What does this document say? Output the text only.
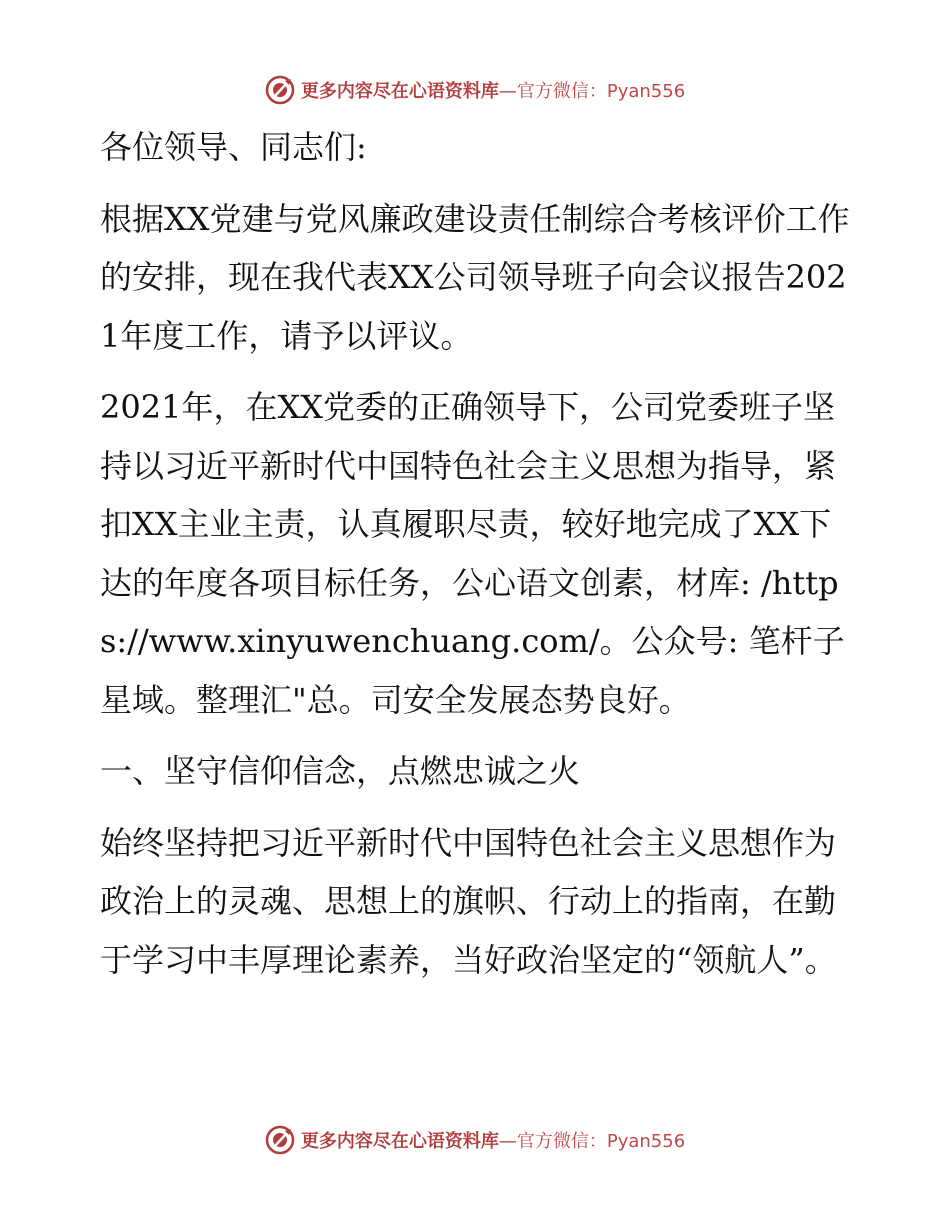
更多内容尽在心语资料库—官方微信：Pyan556

各位领导、同志们:

根据XX党建与党风廉政建设责任制综合考核评价工作的安排，现在我代表XX公司领导班子向会议报告2021年度工作，请予以评议。

2021年，在XX党委的正确领导下，公司党委班子坚持以习近平新时代中国特色社会主义思想为指导，紧扣XX主业主责，认真履职尽责，较好地完成了XX下达的年度各项目标任务，公心语文创素，材库: /https://www.xinyuwenchuang.com/。公众号: 笔杆子星域。整理汇"总。司安全发展态势良好。

一、坚守信仰信念，点燃忠诚之火

始终坚持把习近平新时代中国特色社会主义思想作为政治上的灵魂、思想上的旗帜、行动上的指南，在勤于学习中丰厚理论素养，当好政治坚定的“领航人”。

更多内容尽在心语资料库—官方微信：Pyan556
